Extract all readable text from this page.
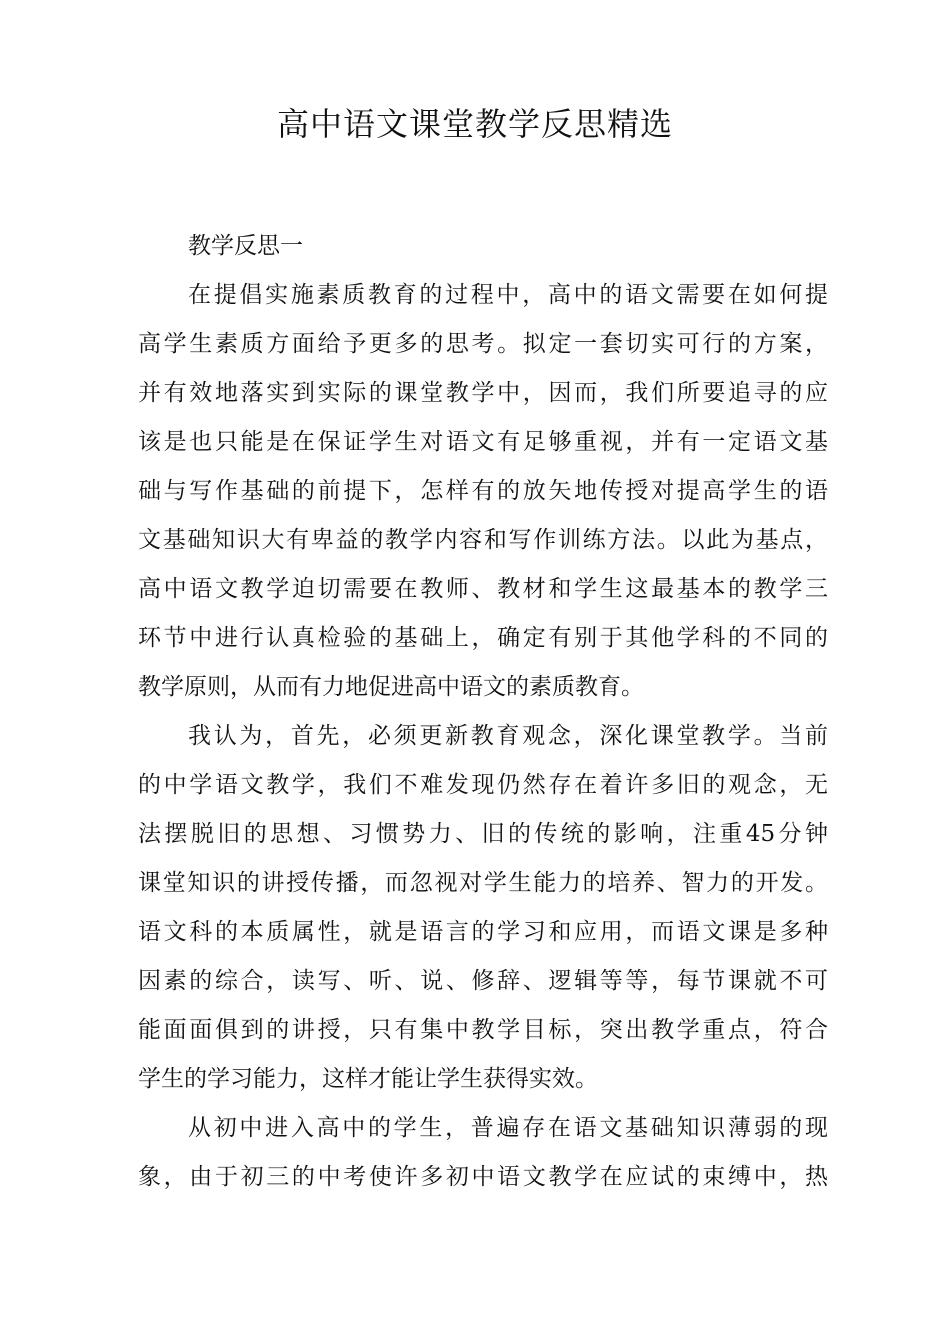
高中语文课堂教学反思精选
教学反思一
在提倡实施素质教育的过程中，高中的语文需要在如何提
高学生素质方面给予更多的思考。拟定一套切实可行的方案，
并有效地落实到实际的课堂教学中，因而，我们所要追寻的应
该是也只能是在保证学生对语文有足够重视，并有一定语文基
础与写作基础的前提下，怎样有的放矢地传授对提高学生的语
文基础知识大有卑益的教学内容和写作训练方法。以此为基点，
高中语文教学迫切需要在教师、教材和学生这最基本的教学三
环节中进行认真检验的基础上，确定有别于其他学科的不同的
教学原则，从而有力地促进高中语文的素质教育。
我认为，首先，必须更新教育观念，深化课堂教学。当前
的中学语文教学，我们不难发现仍然存在着许多旧的观念，无
法摆脱旧的思想、习惯势力、旧的传统的影响，注重45分钟
课堂知识的讲授传播，而忽视对学生能力的培养、智力的开发。
语文科的本质属性，就是语言的学习和应用，而语文课是多种
因素的综合，读写、听、说、修辞、逻辑等等，每节课就不可
能面面俱到的讲授，只有集中教学目标，突出教学重点，符合
学生的学习能力，这样才能让学生获得实效。
从初中进入高中的学生，普遍存在语文基础知识薄弱的现
象，由于初三的中考使许多初中语文教学在应试的束缚中，热
